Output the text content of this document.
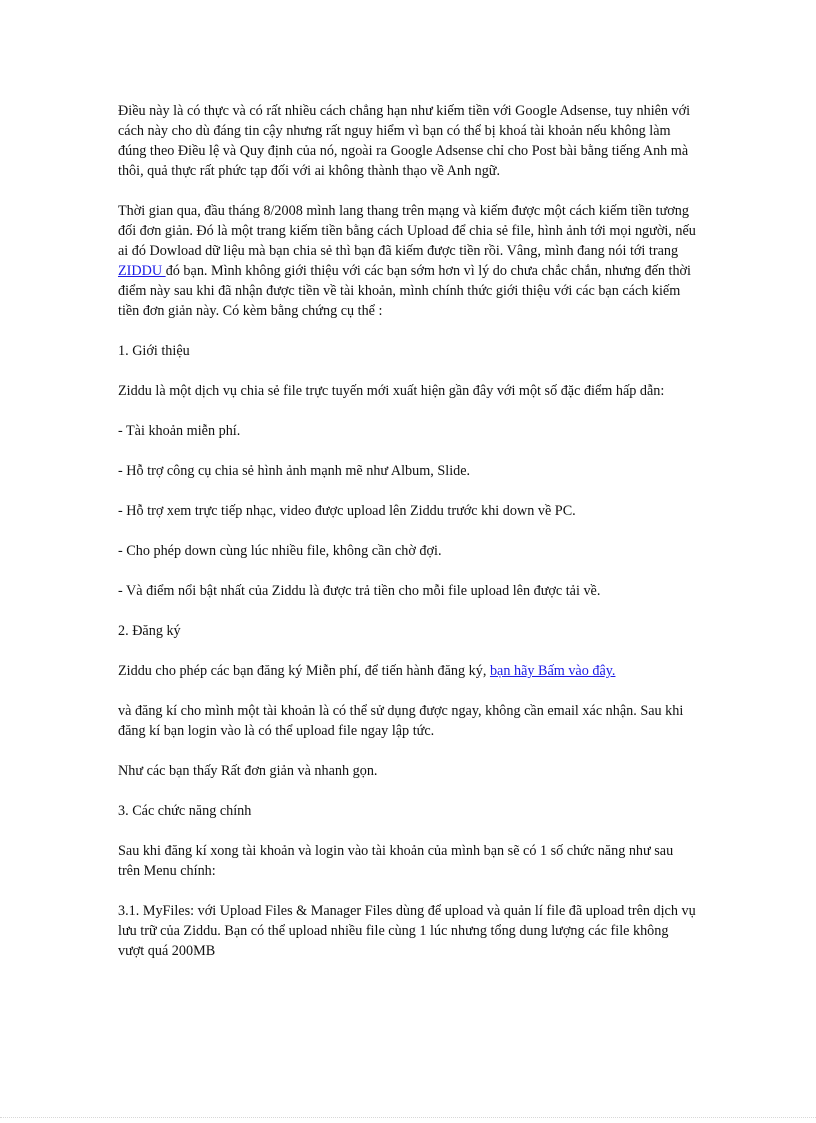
Điều này là có thực và có rất nhiều cách chẳng hạn như kiếm tiền với Google Adsense, tuy nhiên với cách này cho dù đáng tin cậy nhưng rất nguy hiểm vì bạn có thể bị khoá tài khoản nếu không làm đúng theo Điều lệ và Quy định của nó, ngoài ra Google Adsense chỉ cho Post bài bằng tiếng Anh mà thôi, quả thực rất phức tạp đối với ai không thành thạo về Anh ngữ.

Thời gian qua, đầu tháng 8/2008 mình lang thang trên mạng và kiếm được một cách kiếm tiền tương đối đơn giản. Đó là một trang kiếm tiền bằng cách Upload để chia sẻ file, hình ảnh tới mọi người, nếu ai đó Dowload dữ liệu mà bạn chia sẻ thì bạn đã kiếm được tiền rồi. Vâng, mình đang nói tới trang ZIDDU đó bạn. Mình không giới thiệu với các bạn sớm hơn vì lý do chưa chắc chắn, nhưng đến thời điểm này sau khi đã nhận được tiền về tài khoản, mình chính thức giới thiệu với các bạn cách kiếm tiền đơn giản này. Có kèm bằng chứng cụ thể :

1. Giới thiệu

Ziddu là một dịch vụ chia sẻ file trực tuyến mới xuất hiện gần đây với một số đặc điểm hấp dẫn:

- Tài khoản miễn phí.

- Hỗ trợ công cụ chia sẻ hình ảnh mạnh mẽ như Album, Slide.

- Hỗ trợ xem trực tiếp nhạc, video được upload lên Ziddu trước khi down về PC.

- Cho phép down cùng lúc nhiều file, không cần chờ đợi.

- Và điểm nổi bật nhất của Ziddu là được trả tiền cho mỗi file upload lên được tải về.

2. Đăng ký

Ziddu cho phép các bạn đăng ký Miễn phí, để tiến hành đăng ký, bạn hãy Bấm vào đây.

và đăng kí cho mình một tài khoản là có thể sử dụng được ngay, không cần email xác nhận. Sau khi đăng kí bạn login vào là có thể upload file ngay lập tức.

Như các bạn thấy Rất đơn giản và nhanh gọn.

3. Các chức năng chính

Sau khi đăng kí xong tài khoản và login vào tài khoản của mình bạn sẽ có 1 số chức năng như sau trên Menu chính:

3.1. MyFiles: với Upload Files & Manager Files dùng để upload và quản lí file đã upload trên dịch vụ lưu trữ của Ziddu. Bạn có thể upload nhiều file cùng 1 lúc nhưng tổng dung lượng các file không vượt quá 200MB
